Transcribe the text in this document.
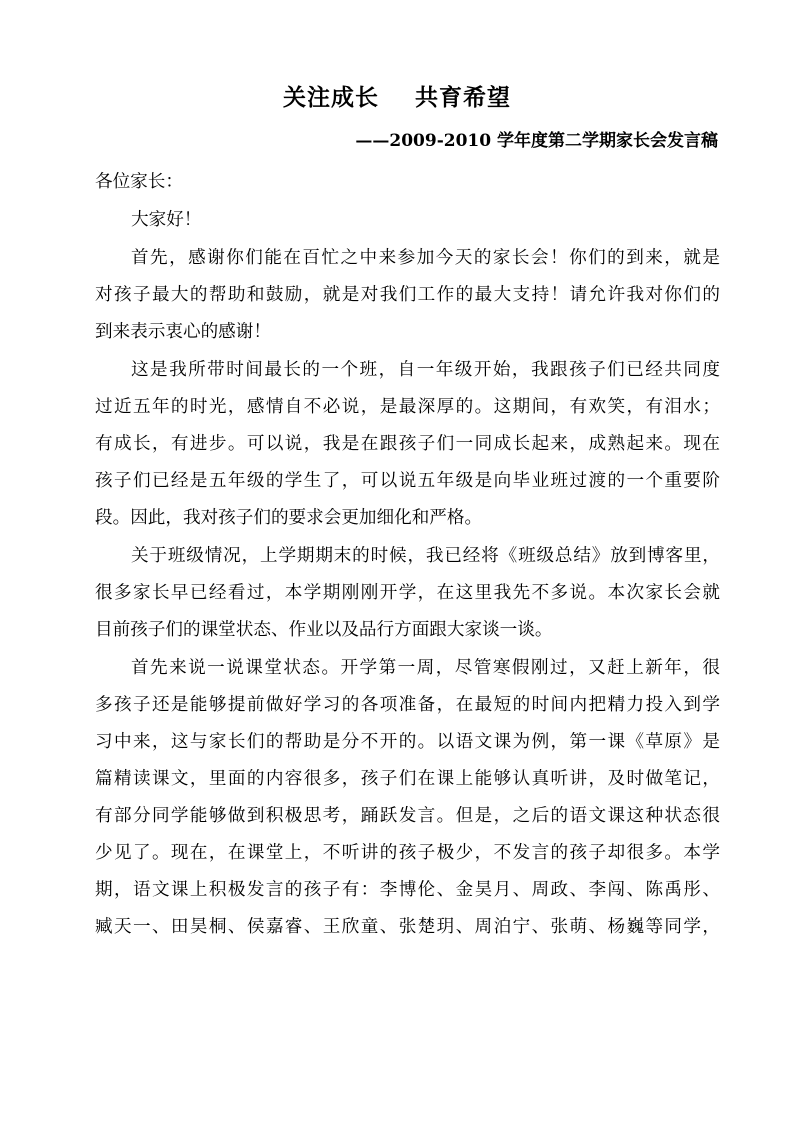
关注成长    共育希望
——2009-2010 学年度第二学期家长会发言稿
各位家长：
大家好！
首先，感谢你们能在百忙之中来参加今天的家长会！你们的到来，就是
对孩子最大的帮助和鼓励，就是对我们工作的最大支持！请允许我对你们的
到来表示衷心的感谢！
这是我所带时间最长的一个班，自一年级开始，我跟孩子们已经共同度
过近五年的时光，感情自不必说，是最深厚的。这期间，有欢笑，有泪水；
有成长，有进步。可以说，我是在跟孩子们一同成长起来，成熟起来。现在
孩子们已经是五年级的学生了，可以说五年级是向毕业班过渡的一个重要阶
段。因此，我对孩子们的要求会更加细化和严格。
关于班级情况，上学期期末的时候，我已经将《班级总结》放到博客里，
很多家长早已经看过，本学期刚刚开学，在这里我先不多说。本次家长会就
目前孩子们的课堂状态、作业以及品行方面跟大家谈一谈。
首先来说一说课堂状态。开学第一周，尽管寒假刚过，又赶上新年，很
多孩子还是能够提前做好学习的各项准备，在最短的时间内把精力投入到学
习中来，这与家长们的帮助是分不开的。以语文课为例，第一课《草原》是
篇精读课文，里面的内容很多，孩子们在课上能够认真听讲，及时做笔记，
有部分同学能够做到积极思考，踊跃发言。但是，之后的语文课这种状态很
少见了。现在，在课堂上，不听讲的孩子极少，不发言的孩子却很多。本学
期，语文课上积极发言的孩子有：李博伦、金昊月、周政、李闯、陈禹彤、
臧天一、田昊桐、侯嘉睿、王欣童、张楚玥、周泊宁、张萌、杨巍等同学，
